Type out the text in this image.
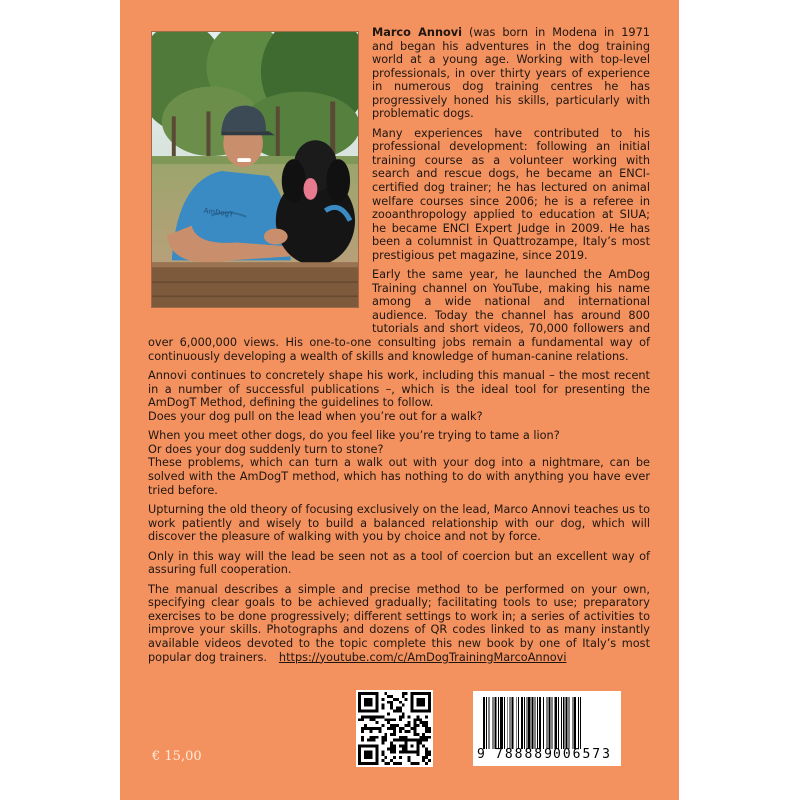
AmDogT

Marco Annovi (was born in Modena in 1971 and began his adventures in the dog training world at a young age. Working with top-level professionals, in over thirty years of experience in numerous dog training centres he has progressively honed his skills, particularly with problematic dogs.

Many experiences have contributed to his professional development: following an initial training course as a volunteer working with search and rescue dogs, he became an ENCI-certified dog trainer; he has lectured on animal welfare courses since 2006; he is a referee in zooanthropology applied to education at SIUA; he became ENCI Expert Judge in 2009. He has been a columnist in Quattrozampe, Italy’s most prestigious pet magazine, since 2019.

Early the same year, he launched the AmDog Training channel on YouTube, making his name among a wide national and international audience. Today the channel has around 800 tutorials and short videos, 70,000 followers and over 6,000,000 views. His one-to-one consulting jobs remain a fundamental way of continuously developing a wealth of skills and knowledge of human-canine relations.

Annovi continues to concretely shape his work, including this manual – the most recent in a number of successful publications –, which is the ideal tool for presenting the AmDogT Method, defining the guidelines to follow.

Does your dog pull on the lead when you’re out for a walk?

When you meet other dogs, do you feel like you’re trying to tame a lion?

Or does your dog suddenly turn to stone?

These problems, which can turn a walk out with your dog into a nightmare, can be solved with the AmDogT method, which has nothing to do with anything you have ever tried before.

Upturning the old theory of focusing exclusively on the lead, Marco Annovi teaches us to work patiently and wisely to build a balanced relationship with our dog, which will discover the pleasure of walking with you by choice and not by force.

Only in this way will the lead be seen not as a tool of coercion but an excellent way of assuring full cooperation.

The manual describes a simple and precise method to be performed on your own, specifying clear goals to be achieved gradually; facilitating tools to use; preparatory exercises to be done progressively; different settings to work in; a series of activities to improve your skills. Photographs and dozens of QR codes linked to as many instantly available videos devoted to the topic complete this new book by one of Italy’s most popular dog trainers. https://youtube.com/c/AmDogTrainingMarcoAnnovi

9 788889 006573
€ 15,00
